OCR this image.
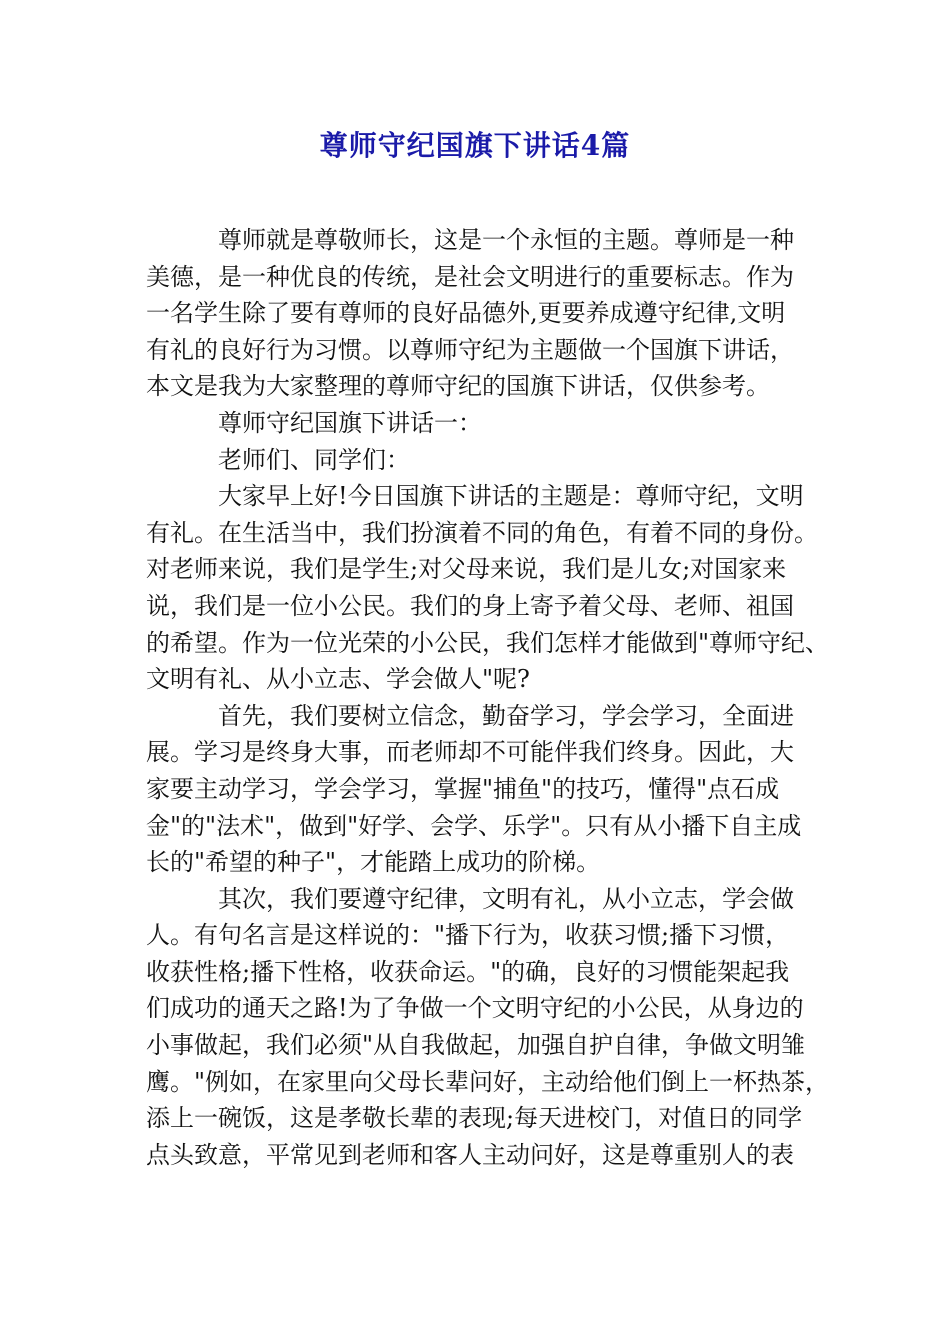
尊师守纪国旗下讲话4篇
尊师就是尊敬师长，这是一个永恒的主题。尊师是一种
美德，是一种优良的传统，是社会文明进行的重要标志。作为
一名学生除了要有尊师的良好品德外,更要养成遵守纪律,文明
有礼的良好行为习惯。以尊师守纪为主题做一个国旗下讲话，
本文是我为大家整理的尊师守纪的国旗下讲话，仅供参考。
尊师守纪国旗下讲话一：
老师们、同学们：
大家早上好!今日国旗下讲话的主题是：尊师守纪，文明
有礼。在生活当中，我们扮演着不同的角色，有着不同的身份。
对老师来说，我们是学生;对父母来说，我们是儿女;对国家来
说，我们是一位小公民。我们的身上寄予着父母、老师、祖国
的希望。作为一位光荣的小公民，我们怎样才能做到"尊师守纪、
文明有礼、从小立志、学会做人"呢?
首先，我们要树立信念，勤奋学习，学会学习，全面进
展。学习是终身大事，而老师却不可能伴我们终身。因此，大
家要主动学习，学会学习，掌握"捕鱼"的技巧，懂得"点石成
金"的"法术"，做到"好学、会学、乐学"。只有从小播下自主成
长的"希望的种子"，才能踏上成功的阶梯。
其次，我们要遵守纪律，文明有礼，从小立志，学会做
人。有句名言是这样说的："播下行为，收获习惯;播下习惯，
收获性格;播下性格，收获命运。"的确，良好的习惯能架起我
们成功的通天之路!为了争做一个文明守纪的小公民，从身边的
小事做起，我们必须"从自我做起，加强自护自律，争做文明雏
鹰。"例如，在家里向父母长辈问好，主动给他们倒上一杯热茶，
添上一碗饭，这是孝敬长辈的表现;每天进校门，对值日的同学
点头致意，平常见到老师和客人主动问好，这是尊重别人的表
